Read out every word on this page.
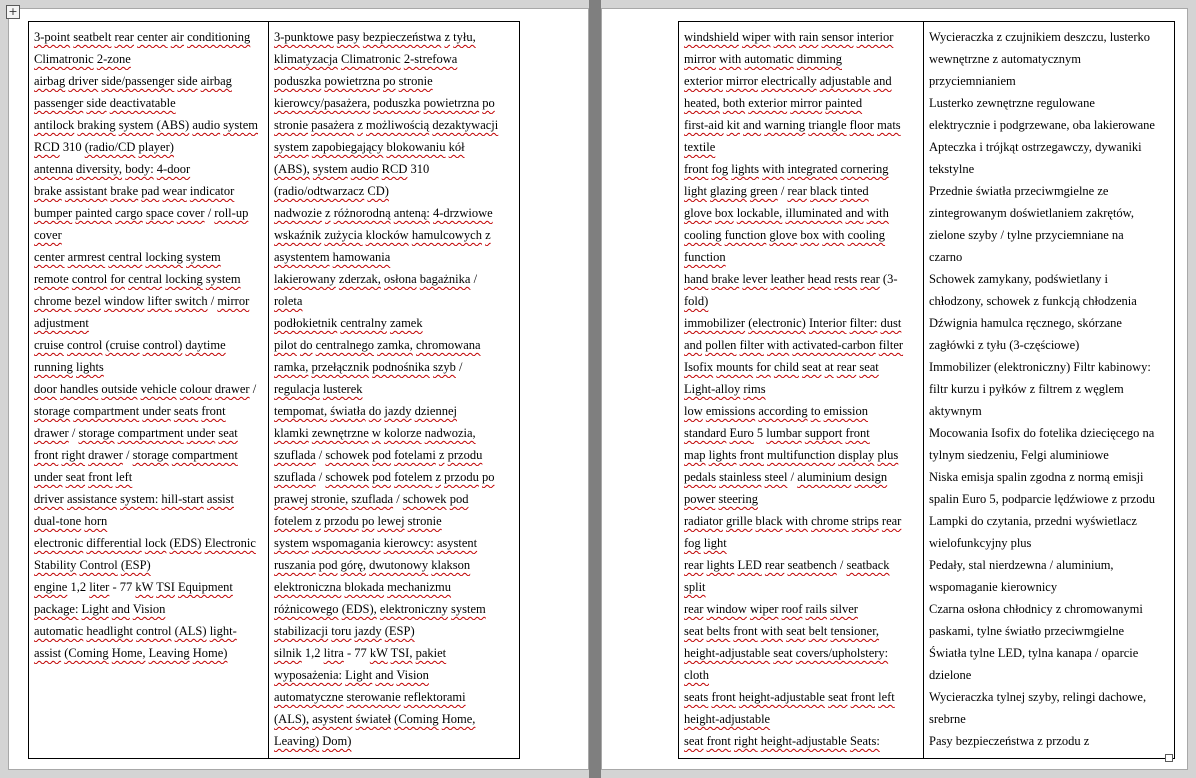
3-point seatbelt rear center air conditioning
Climatronic 2-zone
airbag driver side/passenger side airbag
passenger side deactivatable
antilock braking system (ABS) audio system
RCD 310 (radio/CD player)
antenna diversity, body: 4-door
brake assistant brake pad wear indicator
bumper painted cargo space cover / roll-up
cover
center armrest central locking system
remote control for central locking system
chrome bezel window lifter switch / mirror
adjustment
cruise control (cruise control) daytime
running lights
door handles outside vehicle colour drawer /
storage compartment under seats front
drawer / storage compartment under seat
front right drawer / storage compartment
under seat front left
driver assistance system: hill-start assist
dual-tone horn
electronic differential lock (EDS) Electronic
Stability Control (ESP)
engine 1,2 liter - 77 kW TSI Equipment
package: Light and Vision
automatic headlight control (ALS) light-
assist (Coming Home, Leaving Home)
3-punktowe pasy bezpieczeństwa z tyłu,
klimatyzacja Climatronic 2-strefowa
poduszka powietrzna po stronie
kierowcy/pasażera, poduszka powietrzna po
stronie pasażera z możliwością dezaktywacji
system zapobiegający blokowaniu kół
(ABS), system audio RCD 310
(radio/odtwarzacz CD)
nadwozie z różnorodną anteną: 4-drzwiowe
wskaźnik zużycia klocków hamulcowych z
asystentem hamowania
lakierowany zderzak, osłona bagażnika /
roleta
podłokietnik centralny zamek
pilot do centralnego zamka, chromowana
ramka, przełącznik podnośnika szyb /
regulacja lusterek
tempomat, światła do jazdy dziennej
klamki zewnętrzne w kolorze nadwozia,
szuflada / schowek pod fotelami z przodu
szuflada / schowek pod fotelem z przodu po
prawej stronie, szuflada / schowek pod
fotelem z przodu po lewej stronie
system wspomagania kierowcy: asystent
ruszania pod górę, dwutonowy klakson
elektroniczna blokada mechanizmu
różnicowego (EDS), elektroniczny system
stabilizacji toru jazdy (ESP)
silnik 1,2 litra - 77 kW TSI, pakiet
wyposażenia: Light and Vision
automatyczne sterowanie reflektorami
(ALS), asystent świateł (Coming Home,
Leaving) Dom)
windshield wiper with rain sensor interior
mirror with automatic dimming
exterior mirror electrically adjustable and
heated, both exterior mirror painted
first-aid kit and warning triangle floor mats
textile
front fog lights with integrated cornering
light glazing green / rear black tinted
glove box lockable, illuminated and with
cooling function glove box with cooling
function
hand brake lever leather head rests rear (3-
fold)
immobilizer (electronic) Interior filter: dust
and pollen filter with activated-carbon filter
Isofix mounts for child seat at rear seat
Light-alloy rims
low emissions according to emission
standard Euro 5 lumbar support front
map lights front multifunction display plus
pedals stainless steel / aluminium design
power steering
radiator grille black with chrome strips rear
fog light
rear lights LED rear seatbench / seatback
split
rear window wiper roof rails silver
seat belts front with seat belt tensioner,
height-adjustable seat covers/upholstery:
cloth
seats front height-adjustable seat front left
height-adjustable
seat front right height-adjustable Seats:
Wycieraczka z czujnikiem deszczu, lusterko
wewnętrzne z automatycznym
przyciemnianiem
Lusterko zewnętrzne regulowane
elektrycznie i podgrzewane, oba lakierowane
Apteczka i trójkąt ostrzegawczy, dywaniki
tekstylne
Przednie światła przeciwmgielne ze
zintegrowanym doświetlaniem zakrętów,
zielone szyby / tylne przyciemniane na
czarno
Schowek zamykany, podświetlany i
chłodzony, schowek z funkcją chłodzenia
Dźwignia hamulca ręcznego, skórzane
zagłówki z tyłu (3-częściowe)
Immobilizer (elektroniczny) Filtr kabinowy:
filtr kurzu i pyłków z filtrem z węglem
aktywnym
Mocowania Isofix do fotelika dziecięcego na
tylnym siedzeniu, Felgi aluminiowe
Niska emisja spalin zgodna z normą emisji
spalin Euro 5, podparcie lędźwiowe z przodu
Lampki do czytania, przedni wyświetlacz
wielofunkcyjny plus
Pedały, stal nierdzewna / aluminium,
wspomaganie kierownicy
Czarna osłona chłodnicy z chromowanymi
paskami, tylne światło przeciwmgielne
Światła tylne LED, tylna kanapa / oparcie
dzielone
Wycieraczka tylnej szyby, relingi dachowe,
srebrne
Pasy bezpieczeństwa z przodu z
+
